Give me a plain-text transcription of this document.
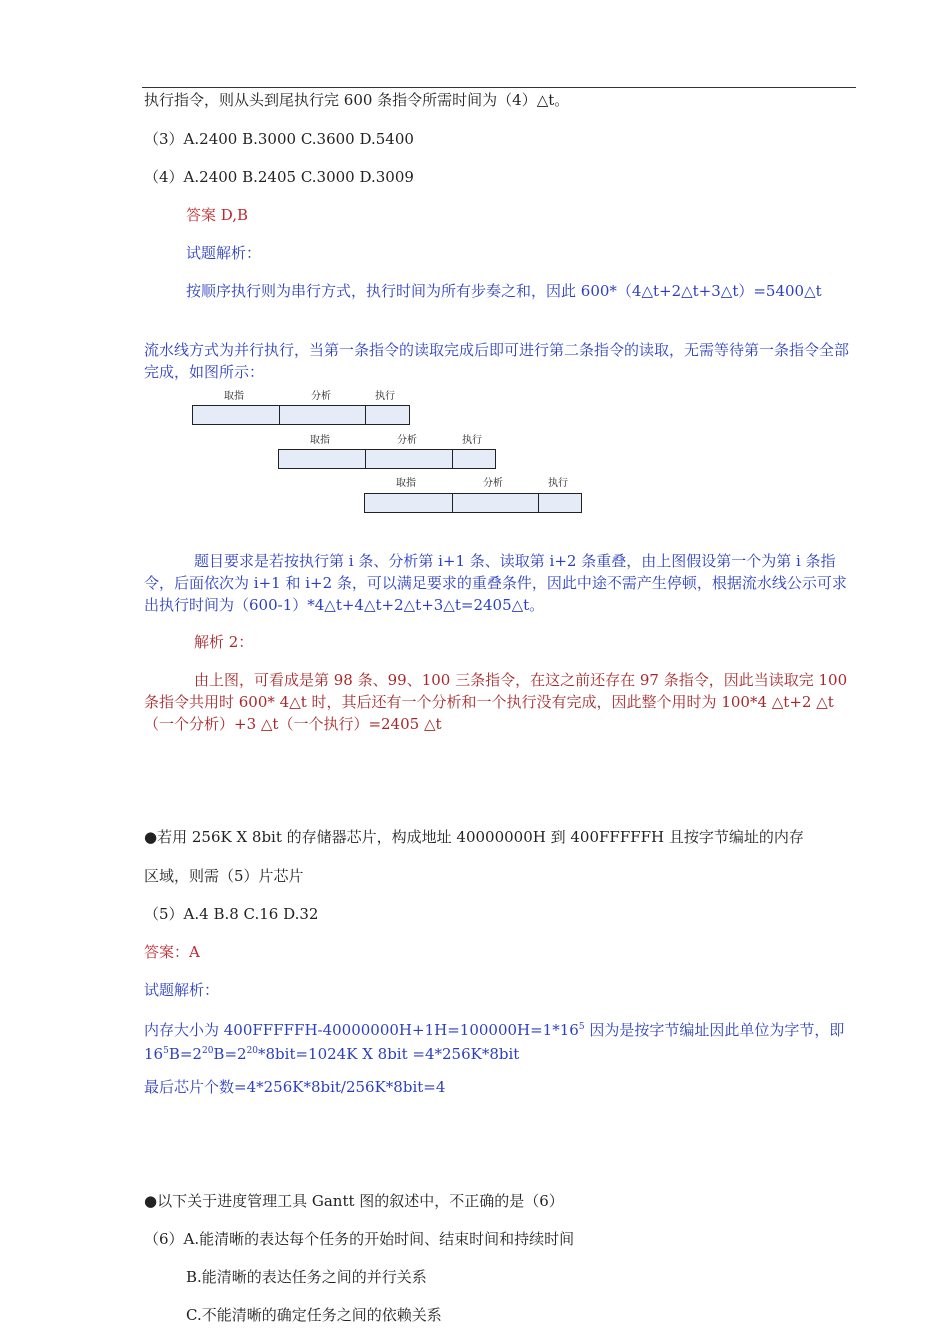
执行指令，则从头到尾执行完 600 条指令所需时间为（4）△t。
（3）A.2400 B.3000 C.3600 D.5400
（4）A.2400 B.2405 C.3000 D.3009
答案 D,B
试题解析：
按顺序执行则为串行方式，执行时间为所有步奏之和，因此 600*（4△t+2△t+3△t）=5400△t
流水线方式为并行执行，当第一条指令的读取完成后即可进行第二条指令的读取，无需等待第一条指令全部完成，如图所示：
取指	分析	执行
取指	分析	执行
取指	分析	执行
题目要求是若按执行第 i 条、分析第 i+1 条、读取第 i+2 条重叠，由上图假设第一个为第 i 条指令，后面依次为 i+1 和 i+2 条，可以满足要求的重叠条件，因此中途不需产生停顿，根据流水线公示可求出执行时间为（600-1）*4△t+4△t+2△t+3△t=2405△t。
解析 2：
由上图，可看成是第 98 条、99、100 三条指令，在这之前还存在 97 条指令，因此当读取完 100 条指令共用时 600* 4△t 时，其后还有一个分析和一个执行没有完成，因此整个用时为 100*4 △t+2 △t（一个分析）+3 △t（一个执行）=2405 △t
●若用 256K X 8bit 的存储器芯片，构成地址 40000000H 到 400FFFFFH 且按字节编址的内存
区域，则需（5）片芯片
（5）A.4 B.8 C.16 D.32
答案：A
试题解析：
内存大小为 $400FFFFFH-40000000H+1H=100000H=1*16^5$ 因为是按字节编址因此单位为字节，即
$16^5B=2^{20}B=2^{20}*8bit=1024K$ X 8bit =4*256K*8bit
最后芯片个数=4*256K*8bit/256K*8bit=4
●以下关于进度管理工具 Gantt 图的叙述中，不正确的是（6）
（6）A.能清晰的表达每个任务的开始时间、结束时间和持续时间
B.能清晰的表达任务之间的并行关系
C.不能清晰的确定任务之间的依赖关系
